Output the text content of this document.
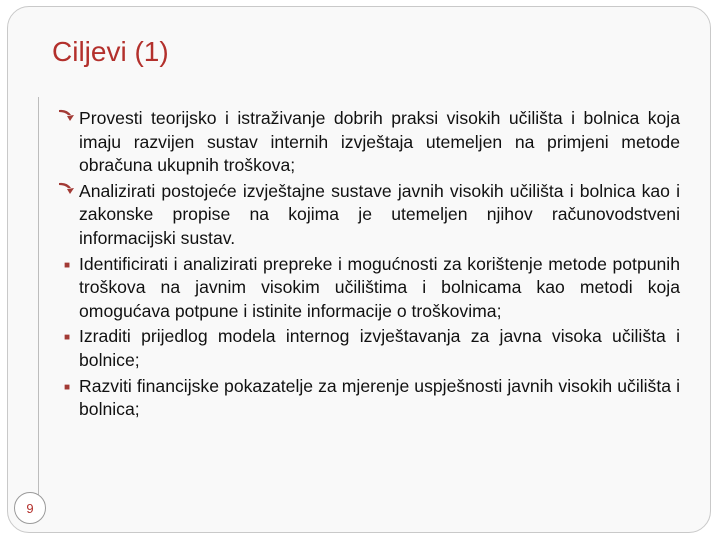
Ciljevi (1)
Provesti teorijsko i istraživanje dobrih praksi visokih učilišta i bolnica koja imaju razvijen sustav internih izvještaja utemeljen na primjeni metode obračuna ukupnih troškova;
Analizirati postojeće izvještajne sustave javnih visokih učilišta i bolnica kao i zakonske propise na kojima je utemeljen njihov računovodstveni informacijski sustav.
■ Identificirati i analizirati prepreke i mogućnosti za korištenje metode potpunih troškova na javnim visokim učilištima i bolnicama kao metodi koja omogućava potpune i istinite informacije o troškovima;
■ Izraditi prijedlog modela internog izvještavanja za javna visoka učilišta i bolnice;
■ Razviti financijske pokazatelje za mjerenje uspješnosti javnih visokih učilišta i bolnica;
9
